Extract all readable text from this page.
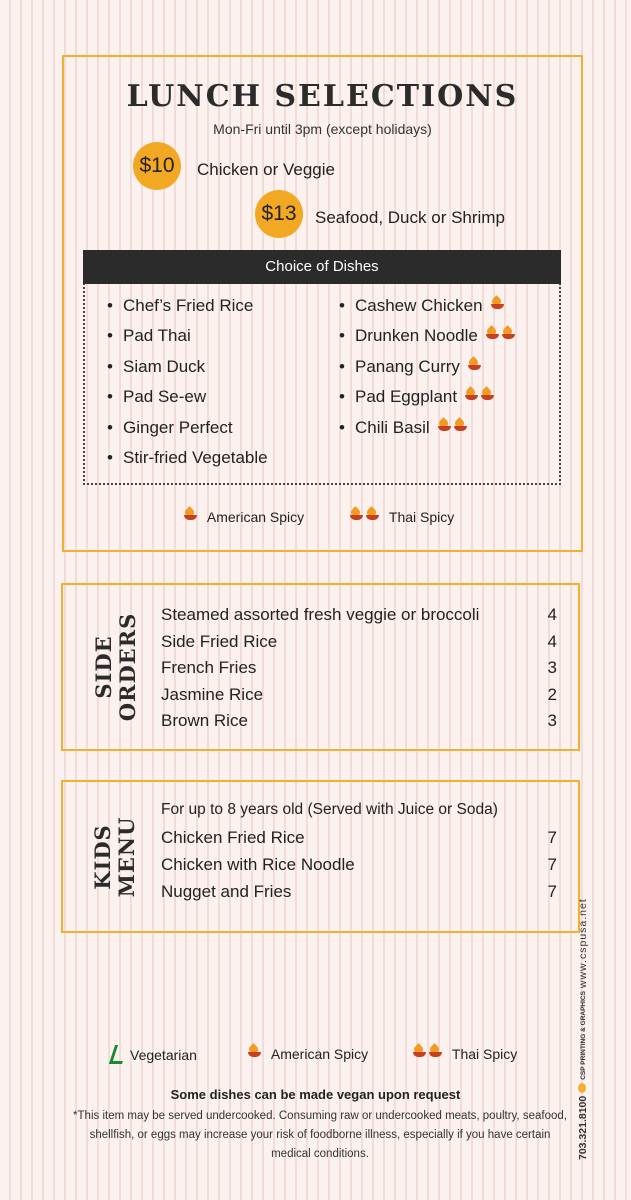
LUNCH SELECTIONS
Mon-Fri until 3pm (except holidays)
$10	Chicken or Veggie
$13	Seafood, Duck or Shrimp
Choice of Dishes
• Chef’s Fried Rice
• Pad Thai
• Siam Duck
• Pad Se-ew
• Ginger Perfect
• Stir-fried Vegetable
• Cashew Chicken
• Drunken Noodle
• Panang Curry
• Pad Eggplant
• Chili Basil
American Spicy	Thai Spicy
SIDE ORDERS Steamed assorted fresh veggie or broccoli	4
Side Fried Rice	4
French Fries	3
Jasmine Rice	2
Brown Rice	3
KIDS MENU
For up to 8 years old (Served with Juice or Soda)
Chicken Fried Rice	7
Chicken with Rice Noodle	7
Nugget and Fries	7
Vegetarian	American Spicy	Thai Spicy
Some dishes can be made vegan upon request
*This item may be served undercooked. Consuming raw or undercooked meats, poultry, seafood, shellfish, or eggs may increase your risk of foodborne illness, especially if you have certain medical conditions.	703.321.8100CSP PRINTING & GRAPHICS www.cspusa.net
